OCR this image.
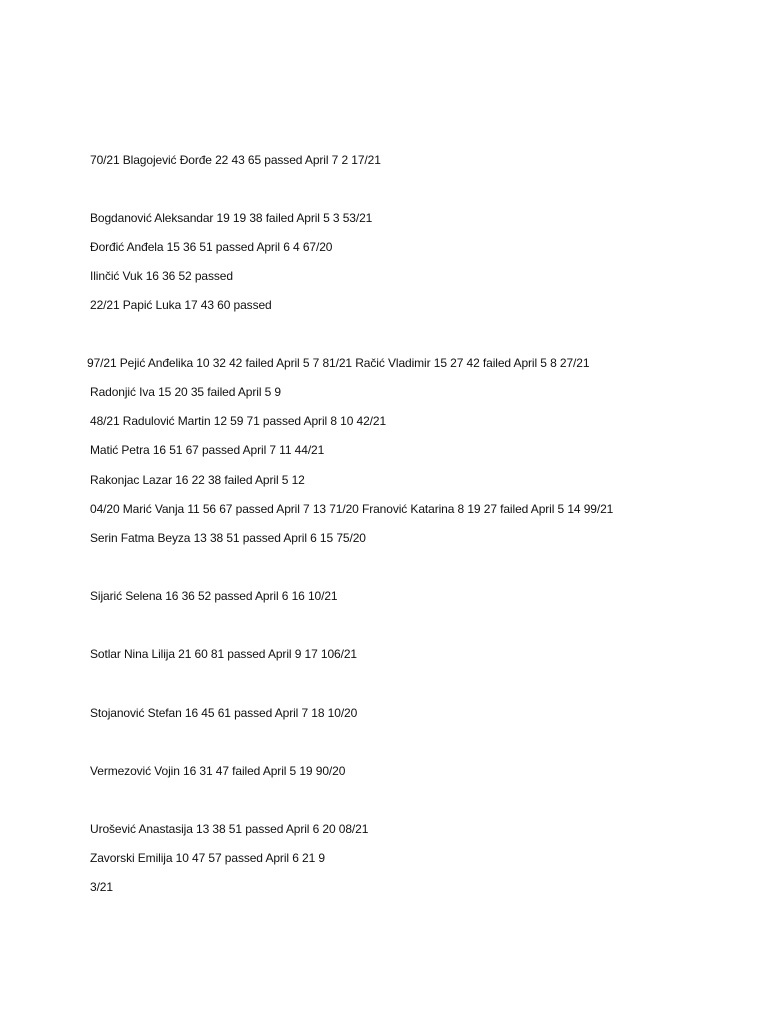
70/21 Blagojević Đorđe 22 43 65 passed April 7 2 17/21
Bogdanović Aleksandar 19 19 38 failed April 5 3 53/21
Đorđić Anđela 15 36 51 passed April 6 4 67/20
Ilinčić Vuk 16 36 52 passed
22/21 Papić Luka 17 43 60 passed
97/21 Pejić Anđelika 10 32 42 failed April 5 7 81/21 Račić Vladimir 15 27 42 failed April 5 8 27/21
Radonjić Iva 15 20 35 failed April 5 9
48/21 Radulović Martin 12 59 71 passed April 8 10 42/21
Matić Petra 16 51 67 passed April 7 11 44/21
Rakonjac Lazar 16 22 38 failed April 5 12
04/20 Marić Vanja 11 56 67 passed April 7 13 71/20 Franović Katarina 8 19 27 failed April 5 14 99/21
Serin Fatma Beyza 13 38 51 passed April 6 15 75/20
Sijarić Selena 16 36 52 passed April 6 16 10/21
Sotlar Nina Lilija 21 60 81 passed April 9 17 106/21
Stojanović Stefan 16 45 61 passed April 7 18 10/20
Vermezović Vojin 16 31 47 failed April 5 19 90/20
Urošević Anastasija 13 38 51 passed April 6 20 08/21
Zavorski Emilija 10 47 57 passed April 6 21 9
3/21
